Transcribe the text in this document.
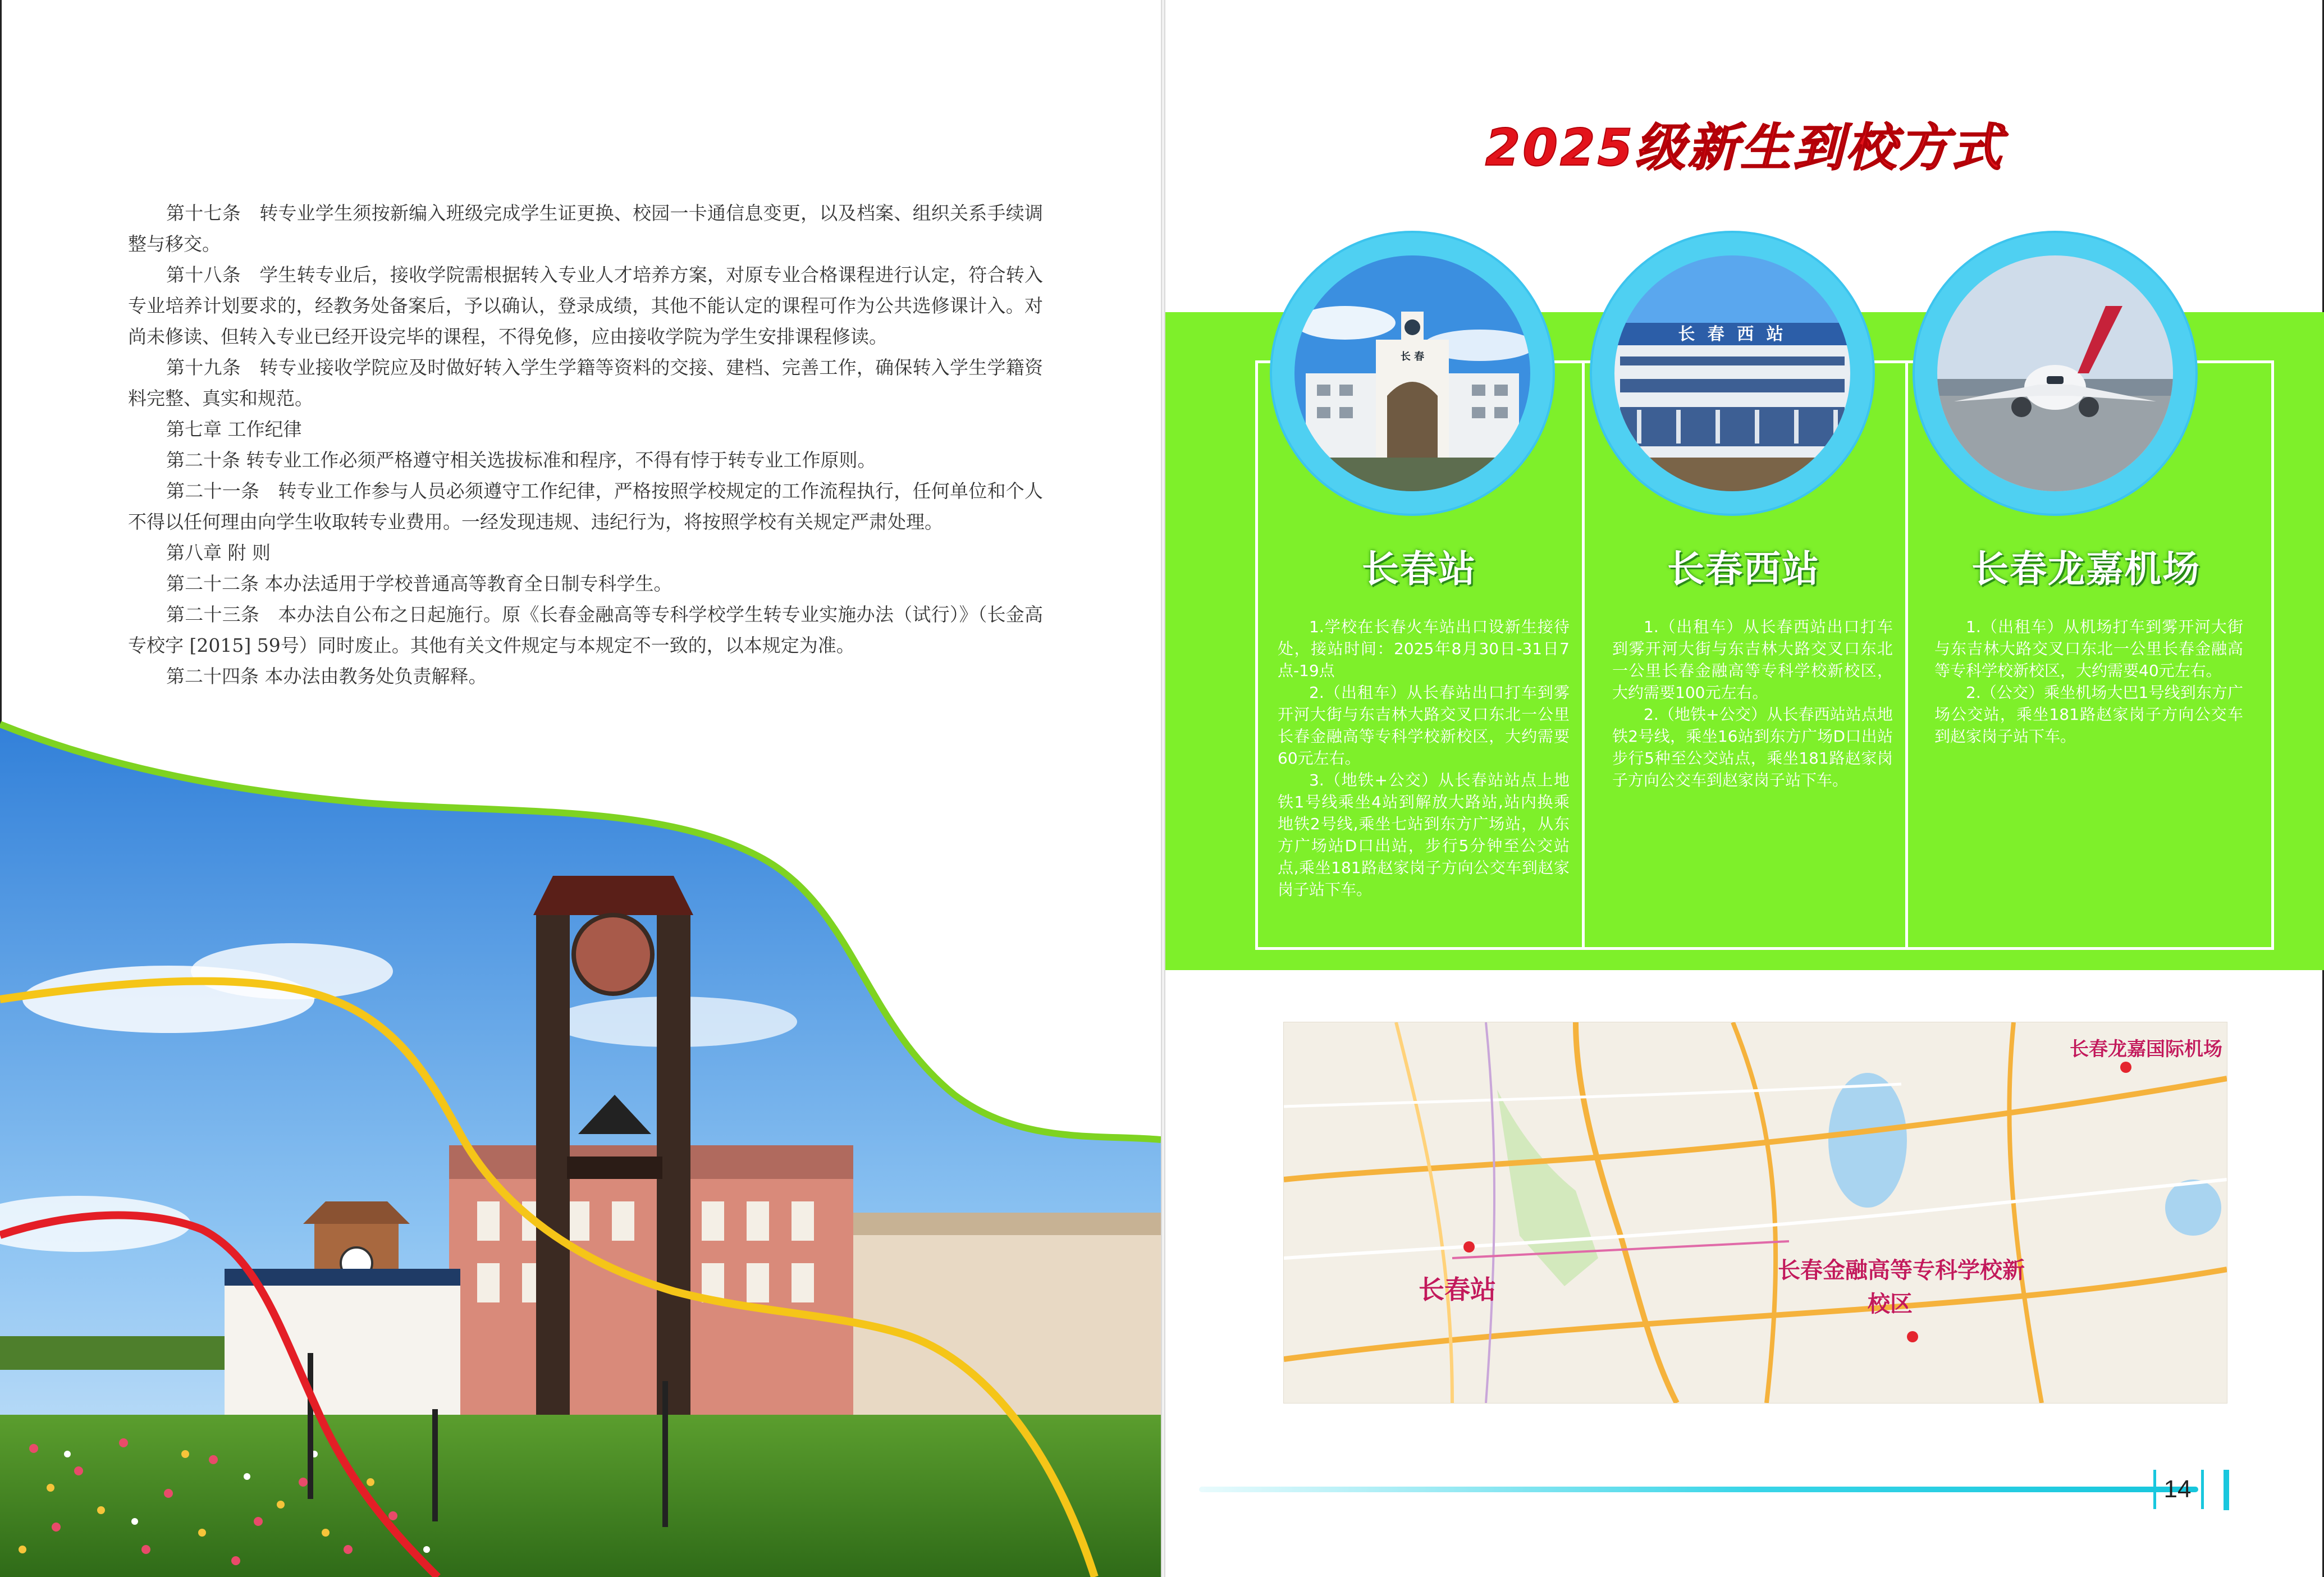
第十七条　转专业学生须按新编入班级完成学生证更换、校园一卡通信息变更，以及档案、组织关系手续调整与移交。

第十八条　学生转专业后，接收学院需根据转入专业人才培养方案，对原专业合格课程进行认定，符合转入专业培养计划要求的，经教务处备案后，予以确认，登录成绩，其他不能认定的课程可作为公共选修课计入。对尚未修读、但转入专业已经开设完毕的课程，不得免修，应由接收学院为学生安排课程修读。

第十九条　转专业接收学院应及时做好转入学生学籍等资料的交接、建档、完善工作，确保转入学生学籍资料完整、真实和规范。

第七章 工作纪律

第二十条 转专业工作必须严格遵守相关选拔标准和程序，不得有悖于转专业工作原则。

第二十一条　转专业工作参与人员必须遵守工作纪律，严格按照学校规定的工作流程执行，任何单位和个人不得以任何理由向学生收取转专业费用。一经发现违规、违纪行为，将按照学校有关规定严肃处理。

第八章 附 则

第二十二条 本办法适用于学校普通高等教育全日制专科学生。

第二十三条　本办法自公布之日起施行。原《长春金融高等专科学校学生转专业实施办法（试行）》（长金高专校字 [2015] 59号）同时废止。其他有关文件规定与本规定不一致的，以本规定为准。

第二十四条 本办法由教务处负责解释。

2025级新生到校方式
长 春
长 春 西 站
长春站	长春西站	长春龙嘉机场

1.学校在长春火车站出口设新生接待处，接站时间：2025年8月30日-31日7点-19点

2.（出租车）从长春站出口打车到雾开河大街与东吉林大路交叉口东北一公里长春金融高等专科学校新校区，大约需要60元左右。

3.（地铁+公交）从长春站站点上地铁1号线乘坐4站到解放大路站,站内换乘地铁2号线,乘坐七站到东方广场站，从东方广场站D口出站，步行5分钟至公交站点,乘坐181路赵家岗子方向公交车到赵家岗子站下车。

1.（出租车）从长春西站出口打车到雾开河大街与东吉林大路交叉口东北一公里长春金融高等专科学校新校区，大约需要100元左右。

2.（地铁+公交）从长春西站站点地铁2号线，乘坐16站到东方广场D口出站步行5种至公交站点，乘坐181路赵家岗子方向公交车到赵家岗子站下车。

1.（出租车）从机场打车到雾开河大街与东吉林大路交叉口东北一公里长春金融高等专科学校新校区，大约需要40元左右。

2.（公交）乘坐机场大巴1号线到东方广场公交站，乘坐181路赵家岗子方向公交车到赵家岗子站下车。

长春龙嘉国际机场
长春站
长春金融高等专科学校新
校区
14
